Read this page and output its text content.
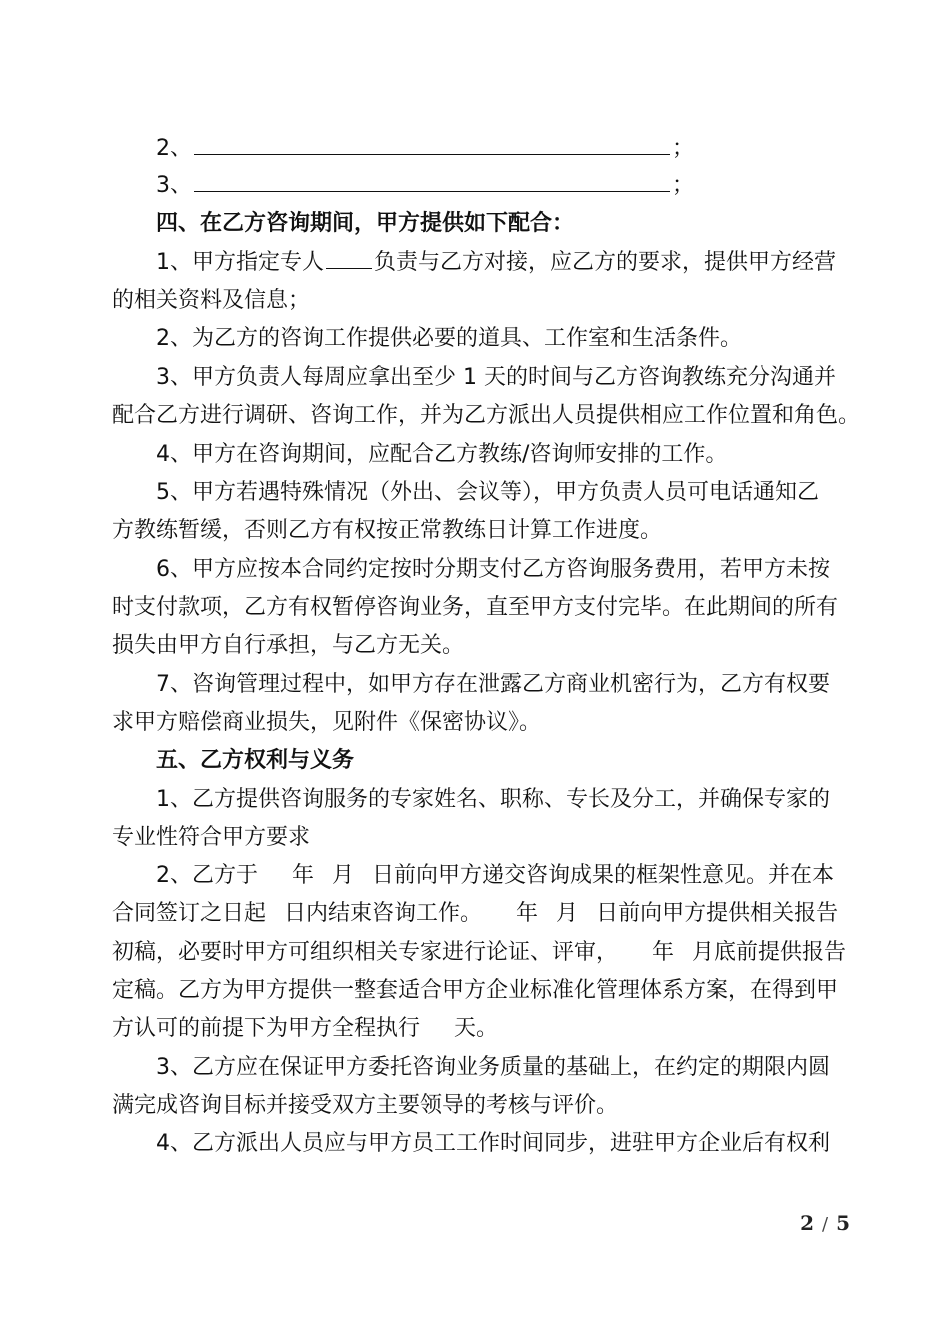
2、	；
3、	；
四、在乙方咨询期间，甲方提供如下配合：
1、甲方指定专人 负责与乙方对接，应乙方的要求，提供甲方经营
的相关资料及信息；
2、为乙方的咨询工作提供必要的道具、工作室和生活条件。
3、甲方负责人每周应拿出至少 1 天的时间与乙方咨询教练充分沟通并
配合乙方进行调研、咨询工作，并为乙方派出人员提供相应工作位置和角色。
4、甲方在咨询期间，应配合乙方教练/咨询师安排的工作。
5、甲方若遇特殊情况（外出、会议等），甲方负责人员可电话通知乙
方教练暂缓，否则乙方有权按正常教练日计算工作进度。
6、甲方应按本合同约定按时分期支付乙方咨询服务费用，若甲方未按
时支付款项，乙方有权暂停咨询业务，直至甲方支付完毕。在此期间的所有
损失由甲方自行承担，与乙方无关。
7、咨询管理过程中，如甲方存在泄露乙方商业机密行为，乙方有权要
求甲方赔偿商业损失，见附件《保密协议》。
五、乙方权利与义务
1、乙方提供咨询服务的专家姓名、职称、专长及分工，并确保专家的
专业性符合甲方要求
2、乙方于 年 月 日前向甲方递交咨询成果的框架性意见。并在本
合同签订之日起 日内结束咨询工作。 年 月 日前向甲方提供相关报告
初稿，必要时甲方可组织相关专家进行论证、评审， 年 月底前提供报告
定稿。乙方为甲方提供一整套适合甲方企业标准化管理体系方案，在得到甲
方认可的前提下为甲方全程执行 天。
3、乙方应在保证甲方委托咨询业务质量的基础上，在约定的期限内圆
满完成咨询目标并接受双方主要领导的考核与评价。
4、乙方派出人员应与甲方员工工作时间同步，进驻甲方企业后有权利
2 / 5
